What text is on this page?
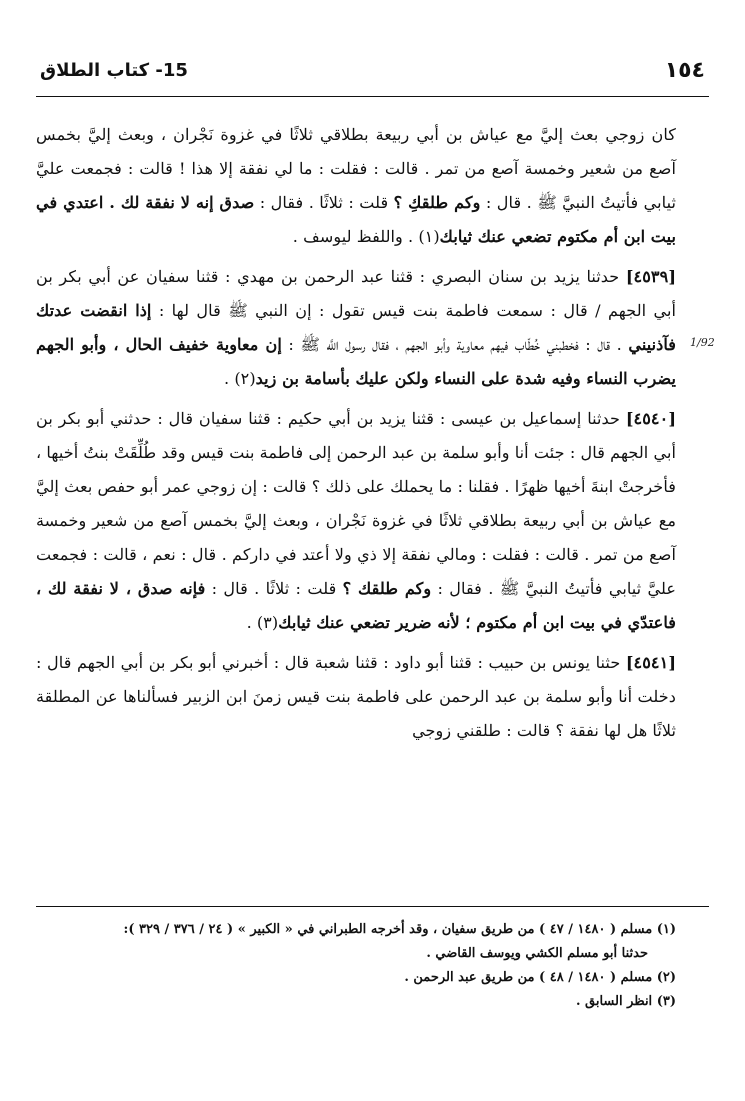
15- كتاب الطلاق	١٥٤
1/92

كان زوجي بعث إليَّ مع عياش بن أبي ربيعة بطلاقي ثلاثًا في غزوة نَجْران ، وبعث إليَّ بخمس آصع من شعير وخمسة آصع من تمر . قالت : فقلت : ما لي نفقة إلا هذا ! قالت : فجمعت عليَّ ثيابي فأتيتُ النبيَّ ﷺ . قال : وكم طلقكِ ؟ قلت : ثلاثًا . فقال : صدق إنه لا نفقة لك . اعتدي في بيت ابن أم مكتوم تضعي عنك ثيابك(١) . واللفظ ليوسف .

[٤٥٣٩] حدثنا يزيد بن سنان البصري : قثنا عبد الرحمن بن مهدي : قثنا سفيان عن أبي بكر بن أبي الجهم / قال : سمعت فاطمة بنت قيس تقول : إن النبي ﷺ قال لها : إذا انقضت عدتك فآذنيني . قال : فخطبني خُطّاب فيهم معاوية وأبو الجهم ، فقال رسول اللَّه ﷺ : إن معاوية خفيف الحال ، وأبو الجهم يضرب النساء وفيه شدة على النساء ولكن عليك بأسامة بن زيد(٢) .

[٤٥٤٠] حدثنا إسماعيل بن عيسى : قثنا يزيد بن أبي حكيم : قثنا سفيان قال : حدثني أبو بكر بن أبي الجهم قال : جئت أنا وأبو سلمة بن عبد الرحمن إلى فاطمة بنت قيس وقد طُلِّقَتْ بنتُ أخيها ، فأخرجتْ ابنةَ أخيها ظهرًا . فقلنا : ما يحملك على ذلك ؟ قالت : إن زوجي عمر أبو حفص بعث إليَّ مع عياش بن أبي ربيعة بطلاقي ثلاثًا في غزوة نَجْران ، وبعث إليَّ بخمس آصع من شعير وخمسة آصع من تمر . قالت : فقلت : ومالي نفقة إلا ذي ولا أعتد في داركم . قال : نعم ، قالت : فجمعت عليَّ ثيابي فأتيتُ النبيَّ ﷺ . فقال : وكم طلقك ؟ قلت : ثلاثًا . قال : فإنه صدق ، لا نفقة لك ، فاعتدّي في بيت ابن أم مكتوم ؛ لأنه ضرير تضعي عنك ثيابك(٣) .

[٤٥٤١] حثنا يونس بن حبيب : قثنا أبو داود : قثنا شعبة قال : أخبرني أبو بكر بن أبي الجهم قال : دخلت أنا وأبو سلمة بن عبد الرحمن على فاطمة بنت قيس زمنَ ابن الزبير فسألناها عن المطلقة ثلاثًا هل لها نفقة ؟ قالت : طلقني زوجي

(١) مسلم ( ١٤٨٠ / ٤٧ ) من طريق سفيان ، وقد أخرجه الطبراني في « الكبير » ( ٢٤ / ٣٧٦ / ٣٢٩ ):

حدثنا أبو مسلم الكشي ويوسف القاضي .

(٢) مسلم ( ١٤٨٠ / ٤٨ ) من طريق عبد الرحمن .

(٣) انظر السابق .
